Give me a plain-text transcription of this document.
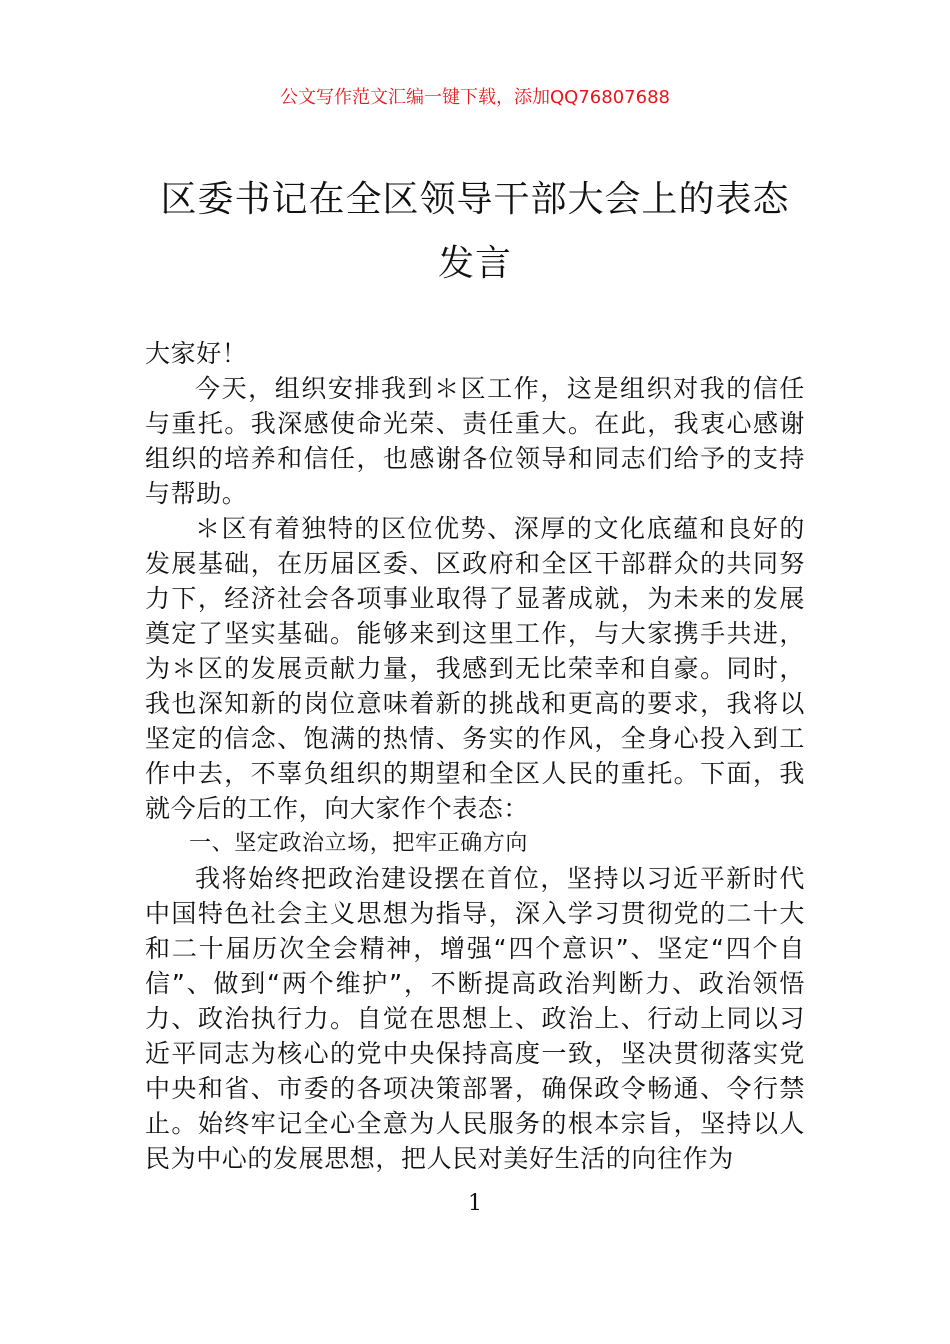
公文写作范文汇编一键下载，添加QQ76807688
区委书记在全区领导干部大会上的表态发言

大家好！

今天，组织安排我到＊区工作，这是组织对我的信任与重托。我深感使命光荣、责任重大。在此，我衷心感谢组织的培养和信任，也感谢各位领导和同志们给予的支持与帮助。

＊区有着独特的区位优势、深厚的文化底蕴和良好的发展基础，在历届区委、区政府和全区干部群众的共同努力下，经济社会各项事业取得了显著成就，为未来的发展奠定了坚实基础。能够来到这里工作，与大家携手共进，为＊区的发展贡献力量，我感到无比荣幸和自豪。同时，我也深知新的岗位意味着新的挑战和更高的要求，我将以坚定的信念、饱满的热情、务实的作风，全身心投入到工作中去，不辜负组织的期望和全区人民的重托。下面，我就今后的工作，向大家作个表态：

一、坚定政治立场，把牢正确方向

我将始终把政治建设摆在首位，坚持以习近平新时代中国特色社会主义思想为指导，深入学习贯彻党的二十大和二十届历次全会精神，增强“四个意识”、坚定“四个自信”、做到“两个维护”，不断提高政治判断力、政治领悟力、政治执行力。自觉在思想上、政治上、行动上同以习近平同志为核心的党中央保持高度一致，坚决贯彻落实党中央和省、市委的各项决策部署，确保政令畅通、令行禁止。始终牢记全心全意为人民服务的根本宗旨，坚持以人民为中心的发展思想，把人民对美好生活的向往作为

1
